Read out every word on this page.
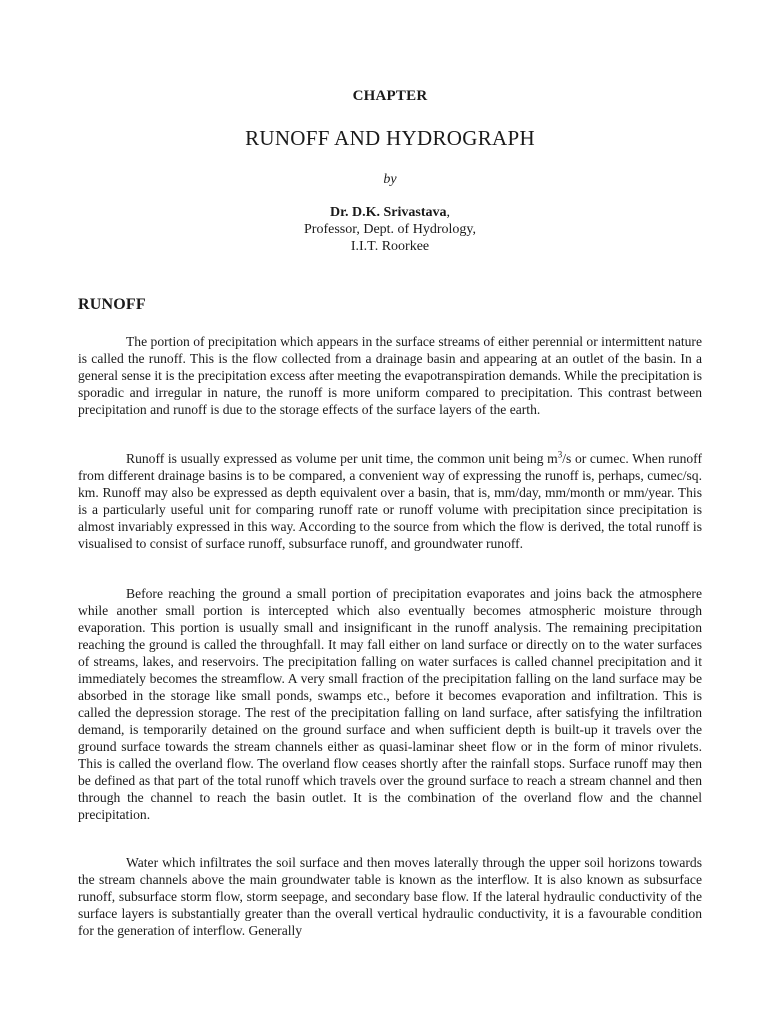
CHAPTER
RUNOFF AND HYDROGRAPH
by
Dr. D.K. Srivastava,
Professor, Dept. of Hydrology,
I.I.T. Roorkee
RUNOFF

The portion of precipitation which appears in the surface streams of either perennial or intermittent nature is called the runoff. This is the flow collected from a drainage basin and appearing at an outlet of the basin. In a general sense it is the precipitation excess after meeting the evapotranspiration demands. While the precipitation is sporadic and irregular in nature, the runoff is more uniform compared to precipitation. This contrast between precipitation and runoff is due to the storage effects of the surface layers of the earth.

Runoff is usually expressed as volume per unit time, the common unit being $m^3/s$ or cumec. When runoff from different drainage basins is to be compared, a convenient way of expressing the runoff is, perhaps, cumec/sq. km. Runoff may also be expressed as depth equivalent over a basin, that is, mm/day, mm/month or mm/year. This is a particularly useful unit for comparing runoff rate or runoff volume with precipitation since precipitation is almost invariably expressed in this way. According to the source from which the flow is derived, the total runoff is visualised to consist of surface runoff, subsurface runoff, and groundwater runoff.

Before reaching the ground a small portion of precipitation evaporates and joins back the atmosphere while another small portion is intercepted which also eventually becomes atmospheric moisture through evaporation. This portion is usually small and insignificant in the runoff analysis. The remaining precipitation reaching the ground is called the throughfall. It may fall either on land surface or directly on to the water surfaces of streams, lakes, and reservoirs. The precipitation falling on water surfaces is called channel precipitation and it immediately becomes the streamflow. A very small fraction of the precipitation falling on the land surface may be absorbed in the storage like small ponds, swamps etc., before it becomes evaporation and infiltration. This is called the depression storage. The rest of the precipitation falling on land surface, after satisfying the infiltration demand, is temporarily detained on the ground surface and when sufficient depth is built-up it travels over the ground surface towards the stream channels either as quasi-laminar sheet flow or in the form of minor rivulets. This is called the overland flow. The overland flow ceases shortly after the rainfall stops. Surface runoff may then be defined as that part of the total runoff which travels over the ground surface to reach a stream channel and then through the channel to reach the basin outlet. It is the combination of the overland flow and the channel precipitation.

Water which infiltrates the soil surface and then moves laterally through the upper soil horizons towards the stream channels above the main groundwater table is known as the interflow. It is also known as subsurface runoff, subsurface storm flow, storm seepage, and secondary base flow. If the lateral hydraulic conductivity of the surface layers is substantially greater than the overall vertical hydraulic conductivity, it is a favourable condition for the generation of interflow. Generally
